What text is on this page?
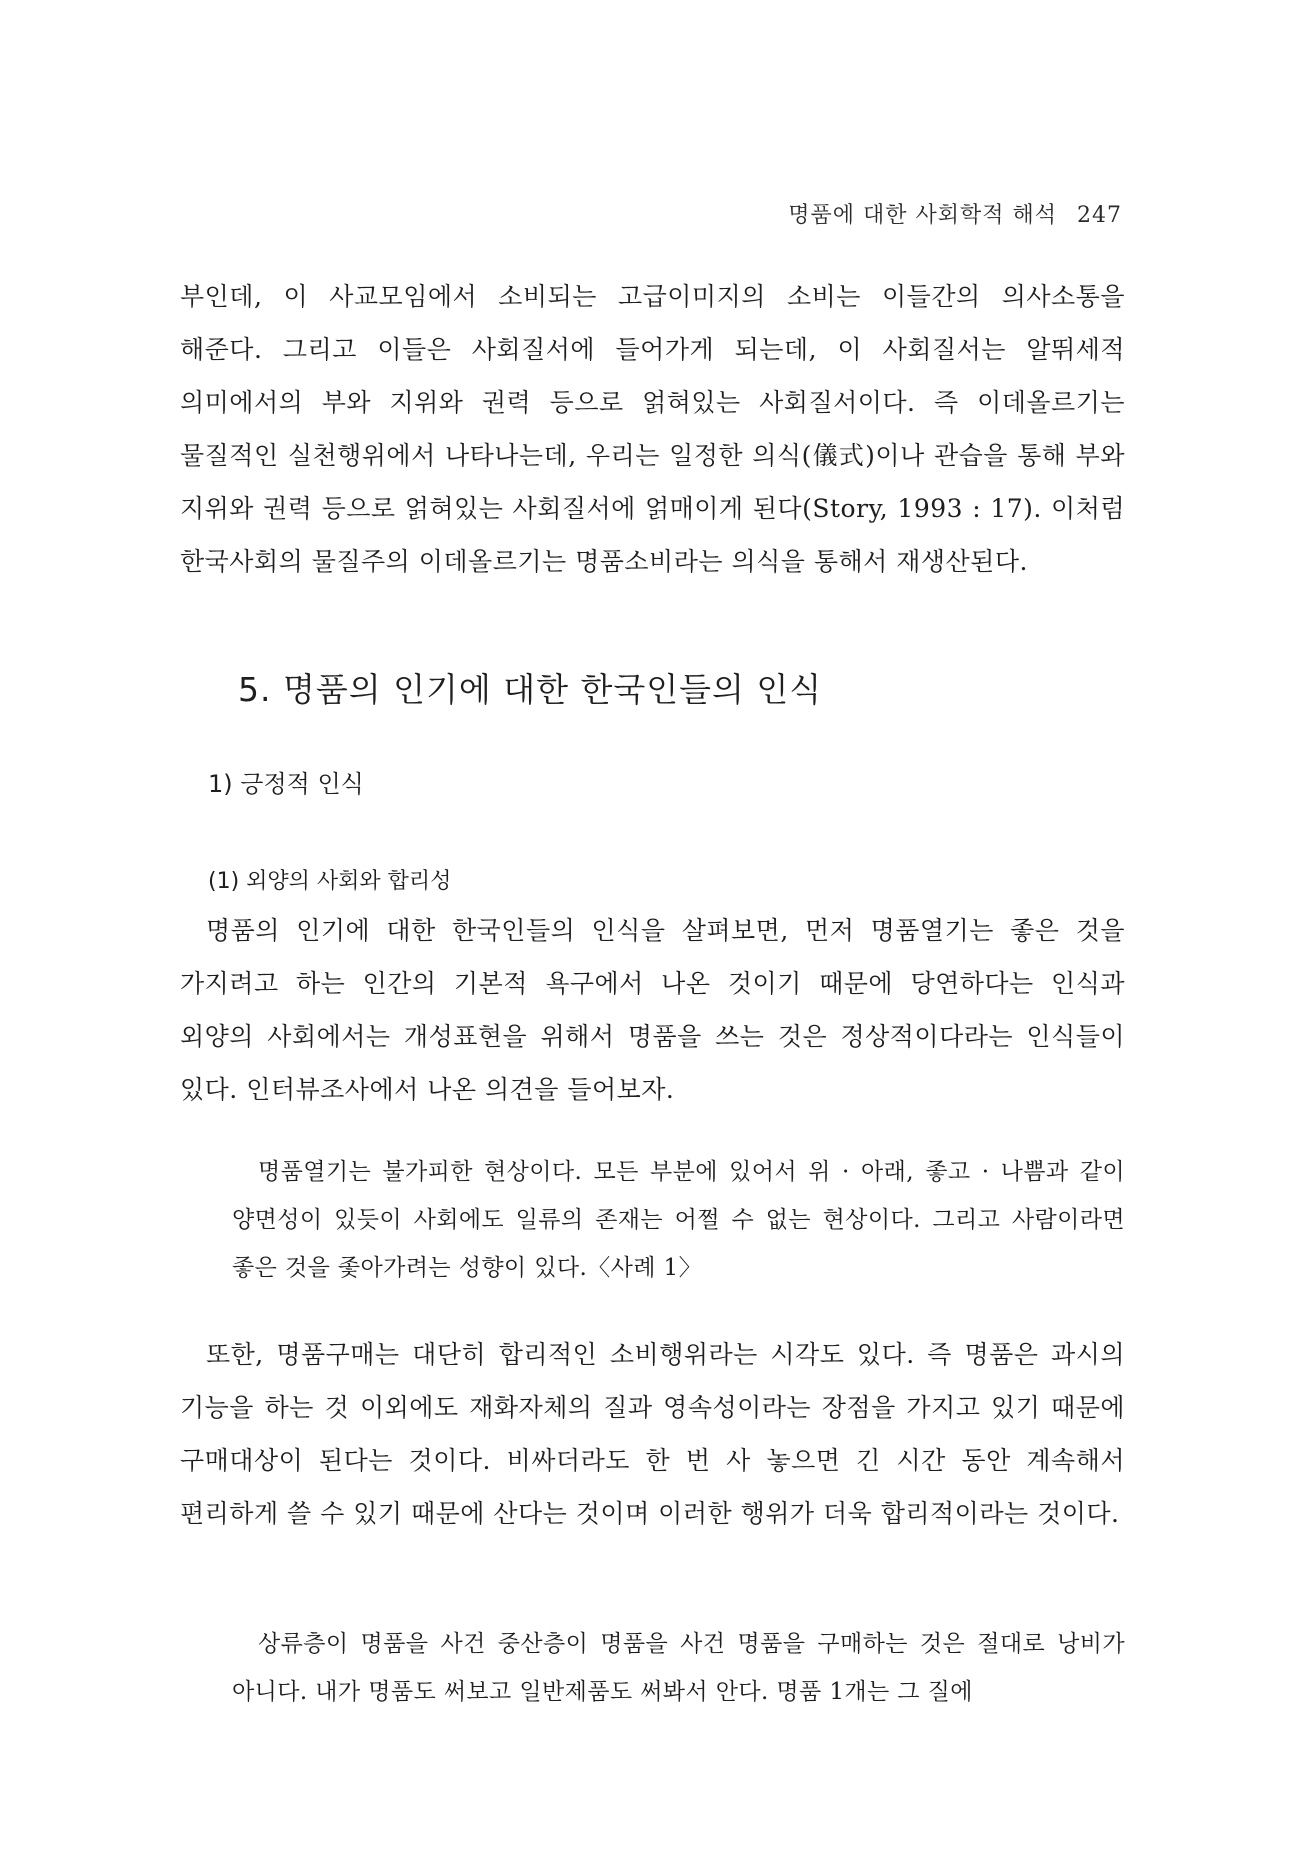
명품에 대한 사회학적 해석 247

부인데, 이 사교모임에서 소비되는 고급이미지의 소비는 이들간의 의사소통을 해준다. 그리고 이들은 사회질서에 들어가게 되는데, 이 사회질서는 알뛰세적 의미에서의 부와 지위와 권력 등으로 얽혀있는 사회질서이다. 즉 이데올르기는 물질적인 실천행위에서 나타나는데, 우리는 일정한 의식(儀式)이나 관습을 통해 부와 지위와 권력 등으로 얽혀있는 사회질서에 얽매이게 된다(Story, 1993 : 17). 이처럼 한국사회의 물질주의 이데올르기는 명품소비라는 의식을 통해서 재생산된다.

5. 명품의 인기에 대한 한국인들의 인식
1) 긍정적 인식
(1) 외양의 사회와 합리성

명품의 인기에 대한 한국인들의 인식을 살펴보면, 먼저 명품열기는 좋은 것을 가지려고 하는 인간의 기본적 욕구에서 나온 것이기 때문에 당연하다는 인식과 외양의 사회에서는 개성표현을 위해서 명품을 쓰는 것은 정상적이다라는 인식들이 있다. 인터뷰조사에서 나온 의견을 들어보자.

명품열기는 불가피한 현상이다. 모든 부분에 있어서 위 · 아래, 좋고 · 나쁨과 같이 양면성이 있듯이 사회에도 일류의 존재는 어쩔 수 없는 현상이다. 그리고 사람이라면 좋은 것을 좇아가려는 성향이 있다.〈사례 1〉

또한, 명품구매는 대단히 합리적인 소비행위라는 시각도 있다. 즉 명품은 과시의 기능을 하는 것 이외에도 재화자체의 질과 영속성이라는 장점을 가지고 있기 때문에 구매대상이 된다는 것이다. 비싸더라도 한 번 사 놓으면 긴 시간 동안 계속해서 편리하게 쓸 수 있기 때문에 산다는 것이며 이러한 행위가 더욱 합리적이라는 것이다.

상류층이 명품을 사건 중산층이 명품을 사건 명품을 구매하는 것은 절대로 낭비가 아니다. 내가 명품도 써보고 일반제품도 써봐서 안다. 명품 1개는 그 질에
